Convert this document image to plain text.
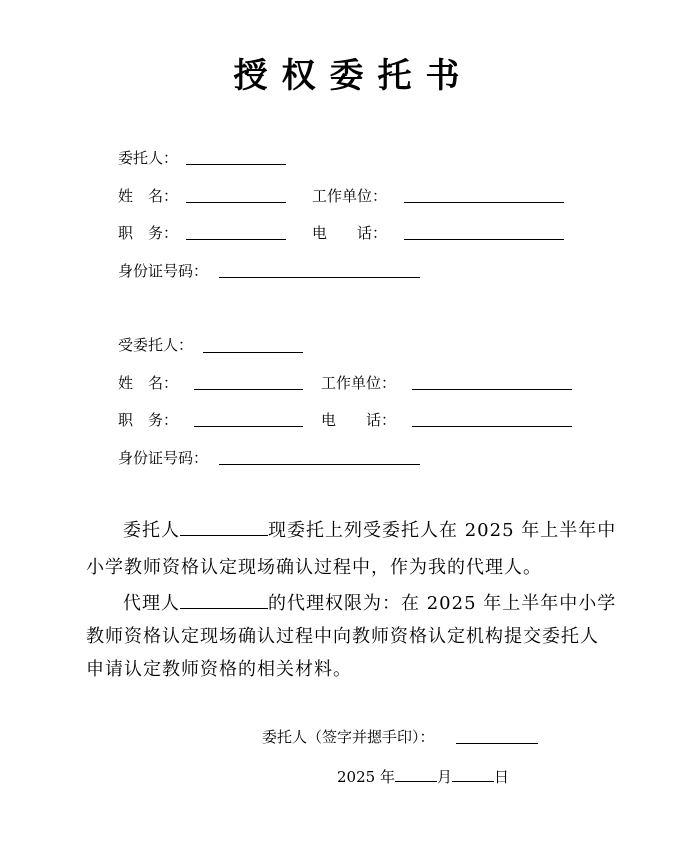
授权委托书
委托人：
姓　名：	工作单位：
职　务：	电　　话：
身份证号码：
受委托人：
姓　名：	工作单位：
职　务：	电　　话：
身份证号码：
委托人	现委托上列受委托人在 2025 年上半年中
小学教师资格认定现场确认过程中，作为我的代理人。
代理人	的代理权限为：在 2025 年上半年中小学
教师资格认定现场确认过程中向教师资格认定机构提交委托人
申请认定教师资格的相关材料。
委托人（签字并摁手印）：
2025 年	月	日
